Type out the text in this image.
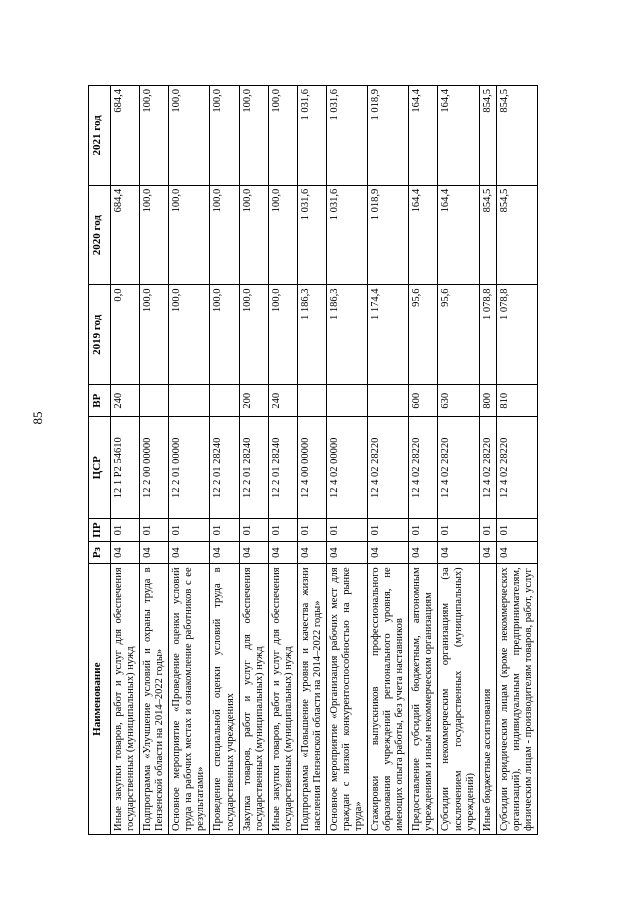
85
Наименование	Рз	ПР	ЦСР	ВР	2019 год	2020 год	2021 год
Иные закупки товаров, работ и услуг для обеспечения государственных (муниципальных) нужд	04	01	12 1 P2 54610	240	0,0	684,4	684,4
Подпрограмма «Улучшение условий и охраны труда в Пензенской области на 2014–2022 годы»	04	01	12 2 00 00000		100,0	100,0	100,0
Основное мероприятие «Проведение оценки условий труда на рабочих местах и ознакомление работников с ее результатами»	04	01	12 2 01 00000		100,0	100,0	100,0
Проведение специальной оценки условий труда в государственных учреждениях	04	01	12 2 01 28240		100,0	100,0	100,0
Закупка товаров, работ и услуг для обеспечения государственных (муниципальных) нужд	04	01	12 2 01 28240	200	100,0	100,0	100,0
Иные закупки товаров, работ и услуг для обеспечения государственных (муниципальных) нужд	04	01	12 2 01 28240	240	100,0	100,0	100,0
Подпрограмма «Повышение уровня и качества жизни населения Пензенской области на 2014–2022 годы»	04	01	12 4 00 00000		1 186,3	1 031,6	1 031,6
Основное мероприятие «Организация рабочих мест для граждан с низкой конкурентоспособностью на рынке труда»	04	01	12 4 02 00000		1 186,3	1 031,6	1 031,6
Стажировки выпускников профессионального образования учреждений регионального уровня, не имеющих опыта работы, без учета наставников	04	01	12 4 02 28220		1 174,4	1 018,9	1 018,9
Предоставление субсидий бюджетным, автономным учреждениям и иным некоммерческим организациям	04	01	12 4 02 28220	600	95,6	164,4	164,4
Субсидии некоммерческим организациям (за исключением государственных (муниципальных) учреждений)	04	01	12 4 02 28220	630	95,6	164,4	164,4
Иные бюджетные ассигнования	04	01	12 4 02 28220	800	1 078,8	854,5	854,5
Субсидии юридическим лицам (кроме некоммерческих организаций), индивидуальным предпринимателям, физическим лицам - производителям товаров, работ, услуг	04	01	12 4 02 28220	810	1 078,8	854,5	854,5
